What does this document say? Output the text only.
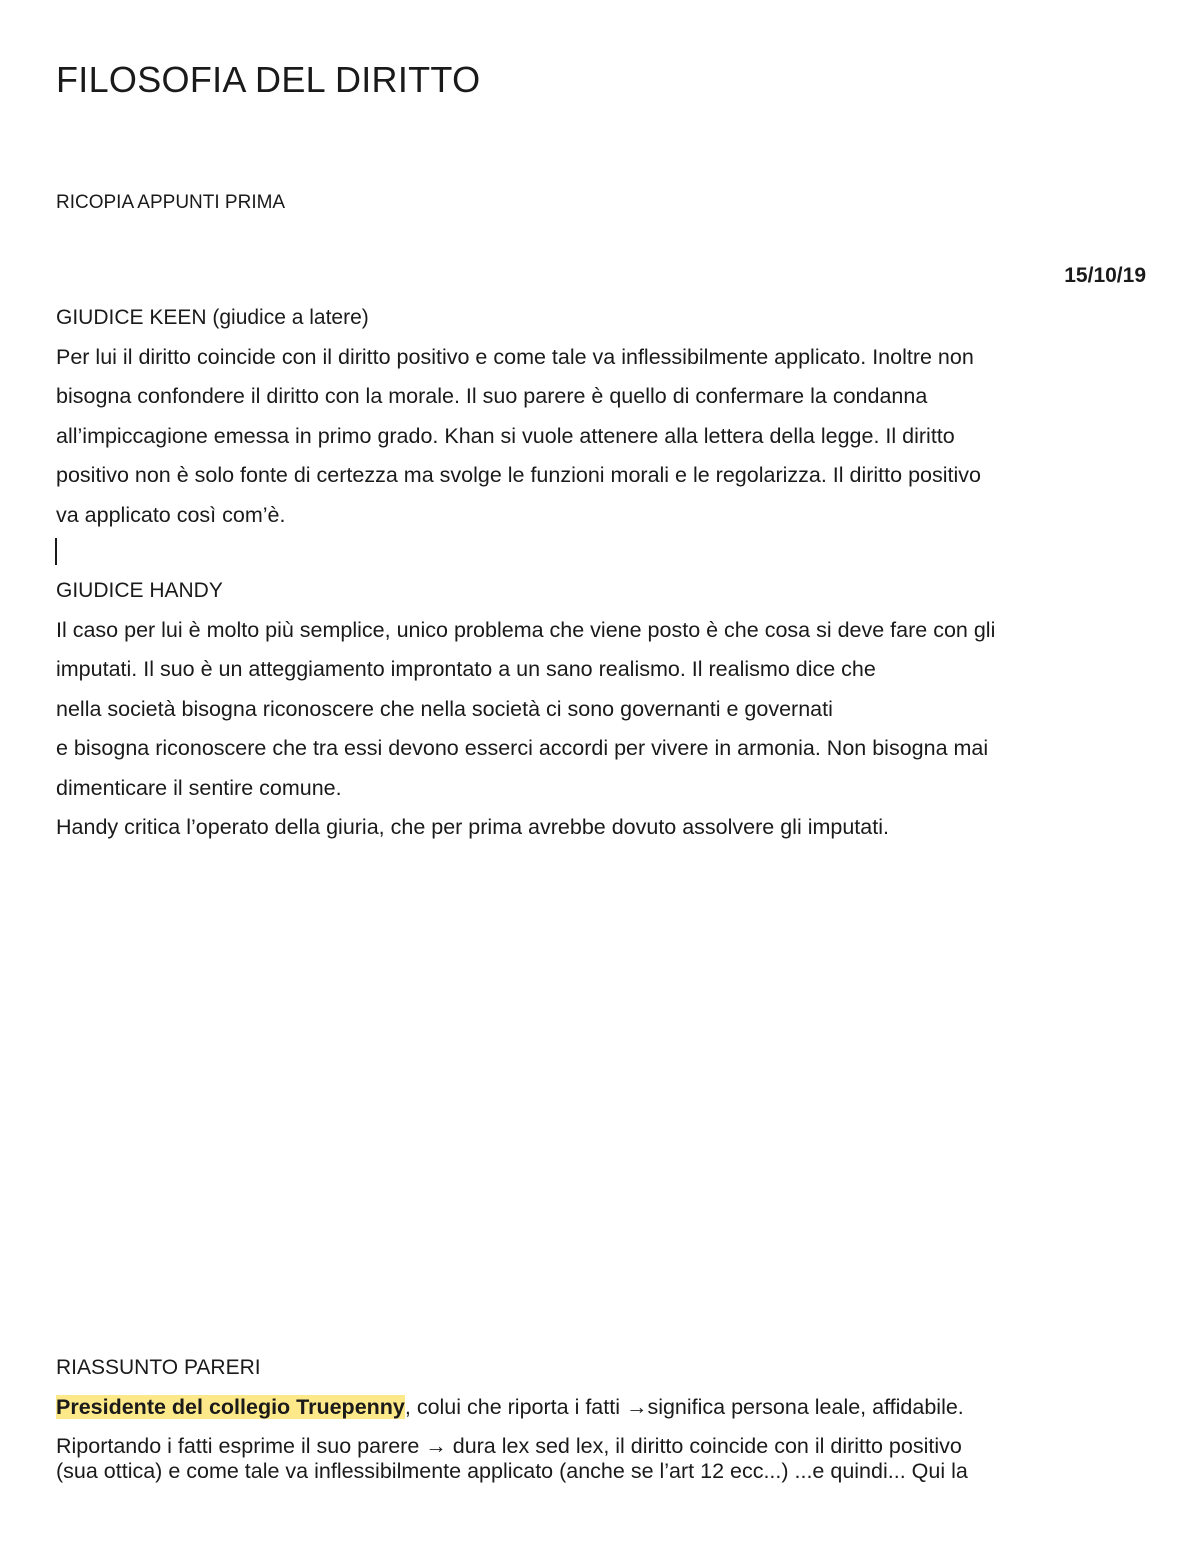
FILOSOFIA DEL DIRITTO
RICOPIA APPUNTI PRIMA
15/10/19

GIUDICE KEEN (giudice a latere)

Per lui il diritto coincide con il diritto positivo e come tale va inflessibilmente applicato. Inoltre non

bisogna confondere il diritto con la morale. Il suo parere è quello di confermare la condanna

all’impiccagione emessa in primo grado. Khan si vuole attenere alla lettera della legge. Il diritto

positivo non è solo fonte di certezza ma svolge le funzioni morali e le regolarizza. Il diritto positivo

va applicato così com’è.

GIUDICE HANDY

Il caso per lui è molto più semplice, unico problema che viene posto è che cosa si deve fare con gli

imputati. Il suo è un atteggiamento improntato a un sano realismo. Il realismo dice che

nella società bisogna riconoscere che nella società ci sono governanti e governati

e bisogna riconoscere che tra essi devono esserci accordi per vivere in armonia. Non bisogna mai

dimenticare il sentire comune.

Handy critica l’operato della giuria, che per prima avrebbe dovuto assolvere gli imputati.

RIASSUNTO PARERI

Presidente del collegio Truepenny, colui che riporta i fatti →significa persona leale, affidabile.

Riportando i fatti esprime il suo parere → dura lex sed lex, il diritto coincide con il diritto positivo

(sua ottica) e come tale va inflessibilmente applicato (anche se l’art 12 ecc...) ...e quindi... Qui la
